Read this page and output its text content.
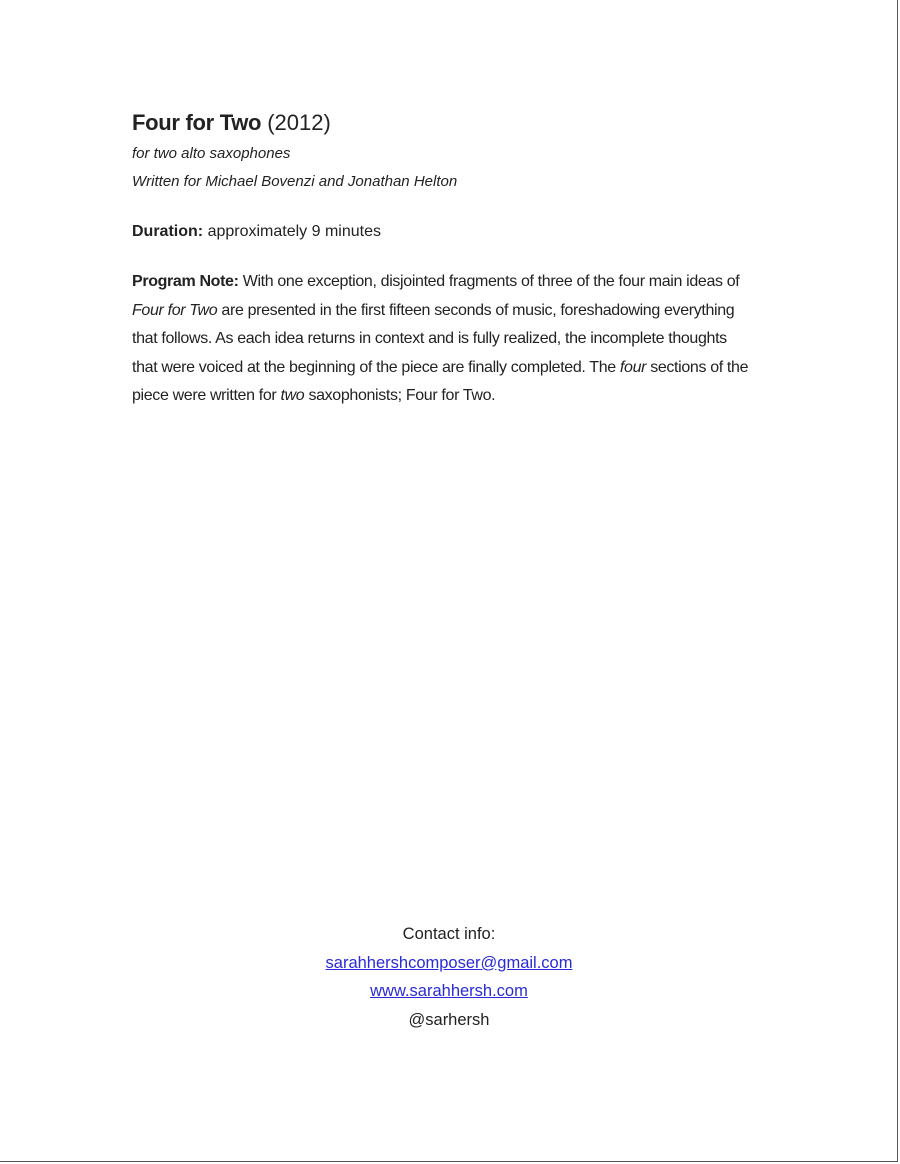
Four for Two (2012)

for two alto saxophones

Written for Michael Bovenzi and Jonathan Helton

Duration: approximately 9 minutes
Program Note: With one exception, disjointed fragments of three of the four main ideas of Four for Two are presented in the first fifteen seconds of music, foreshadowing everything that follows. As each idea returns in context and is fully realized, the incomplete thoughts that were voiced at the beginning of the piece are finally completed. The four sections of the piece were written for two saxophonists; Four for Two.
Contact info:
sarahhershcomposer@gmail.com
www.sarahhersh.com
@sarhersh
